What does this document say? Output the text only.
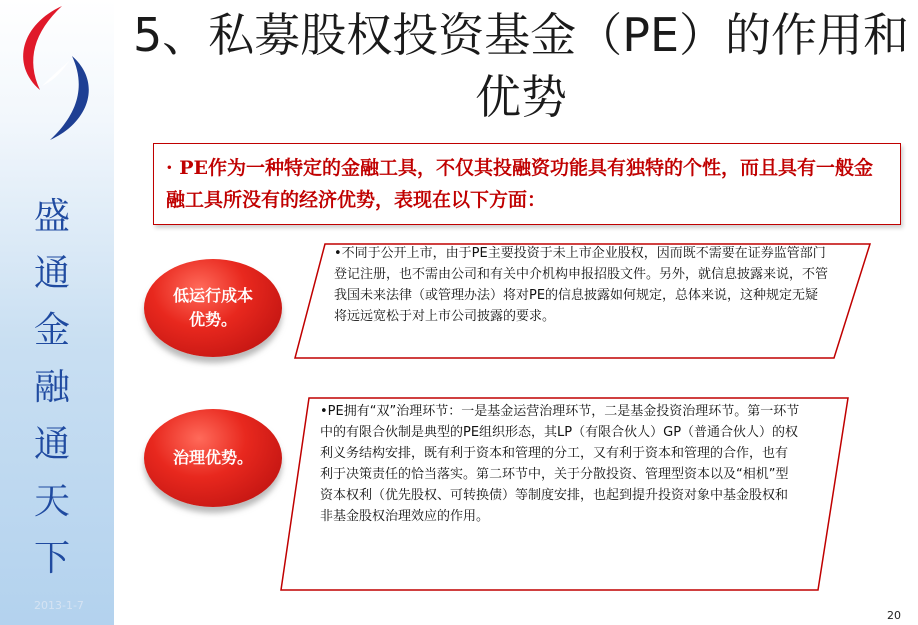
盛
通
金
融
通
天
下
2013-1-7
5、私募股权投资基金（PE）的作用和优势

· PE作为一种特定的金融工具，不仅其投融资功能具有独特的个性，而且具有一般金融工具所没有的经济优势，表现在以下方面：

低运行成本优势。

•不同于公开上市，由于PE主要投资于未上市企业股权，因而既不需要在证券监管部门登记注册，也不需由公司和有关中介机构申报招股文件。另外，就信息披露来说，不管我国未来法律（或管理办法）将对PE的信息披露如何规定，总体来说，这种规定无疑将远远宽松于对上市公司披露的要求。

治理优势。

•PE拥有“双”治理环节：一是基金运营治理环节，二是基金投资治理环节。第一环节中的有限合伙制是典型的PE组织形态，其LP（有限合伙人）GP（普通合伙人）的权利义务结构安排，既有利于资本和管理的分工，又有利于资本和管理的合作，也有利于决策责任的恰当落实。第二环节中，关于分散投资、管理型资本以及“相机”型资本权利（优先股权、可转换债）等制度安排，也起到提升投资对象中基金股权和非基金股权治理效应的作用。

20
